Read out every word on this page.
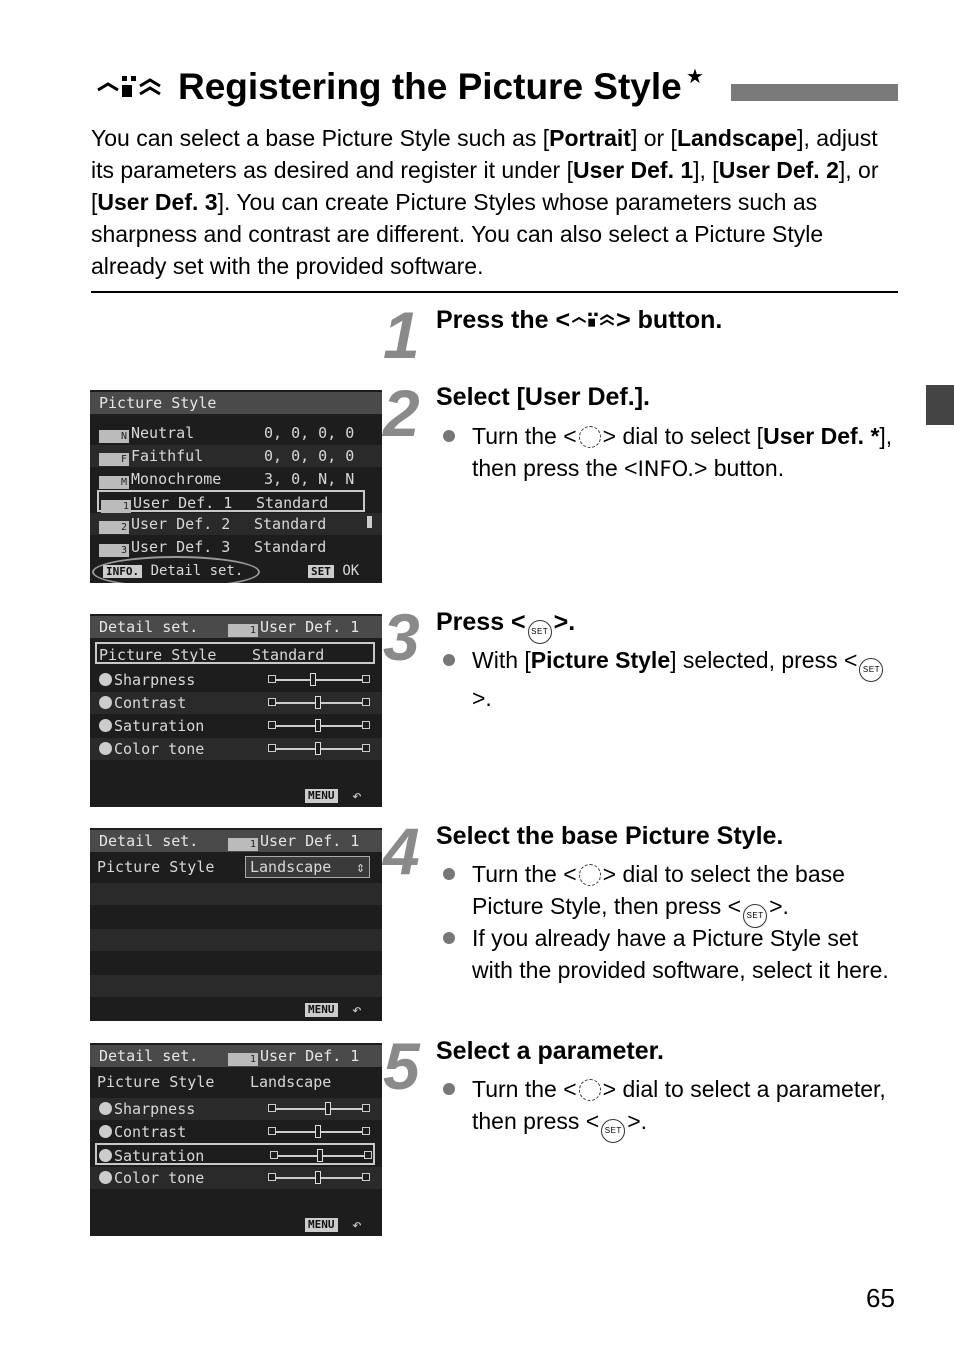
Registering the Picture Style ★
You can select a base Picture Style such as [Portrait] or [Landscape], adjust its parameters as desired and register it under [User Def. 1], [User Def. 2], or [User Def. 3]. You can create Picture Styles whose parameters such as sharpness and contrast are different. You can also select a Picture Style already set with the provided software.
1 Press the < > button.
2 Select [User Def.].
Turn the < > dial to select [User Def. *], then press the <INFO.> button.
3 Press < SET >.
With [Picture Style] selected, press < SET>.
4 Select the base Picture Style.
Turn the < > dial to select the base Picture Style, then press < SET >.
If you already have a Picture Style set with the provided software, select it here.
5 Select a parameter.
Turn the < > dial to select a parameter, then press < SET >.
Picture Style
N Neutral	0, 0, 0, 0
F Faithful	0, 0, 0, 0
M Monochrome	3, 0, N, N
1 User Def. 1 Standard
2 User Def. 2 Standard
3 User Def. 3 Standard
INFO. Detail set.	SET OK
Detail set.	1 User Def. 1
Picture Style Standard
Sharpness
Contrast
Saturation
Color tone
MENU ↶
Detail set.	1 User Def. 1
Picture Style	Landscape ⇕
MENU ↶
Detail set.	1 User Def. 1
Picture Style Landscape
Sharpness
Contrast
Saturation
Color tone
MENU ↶
65
